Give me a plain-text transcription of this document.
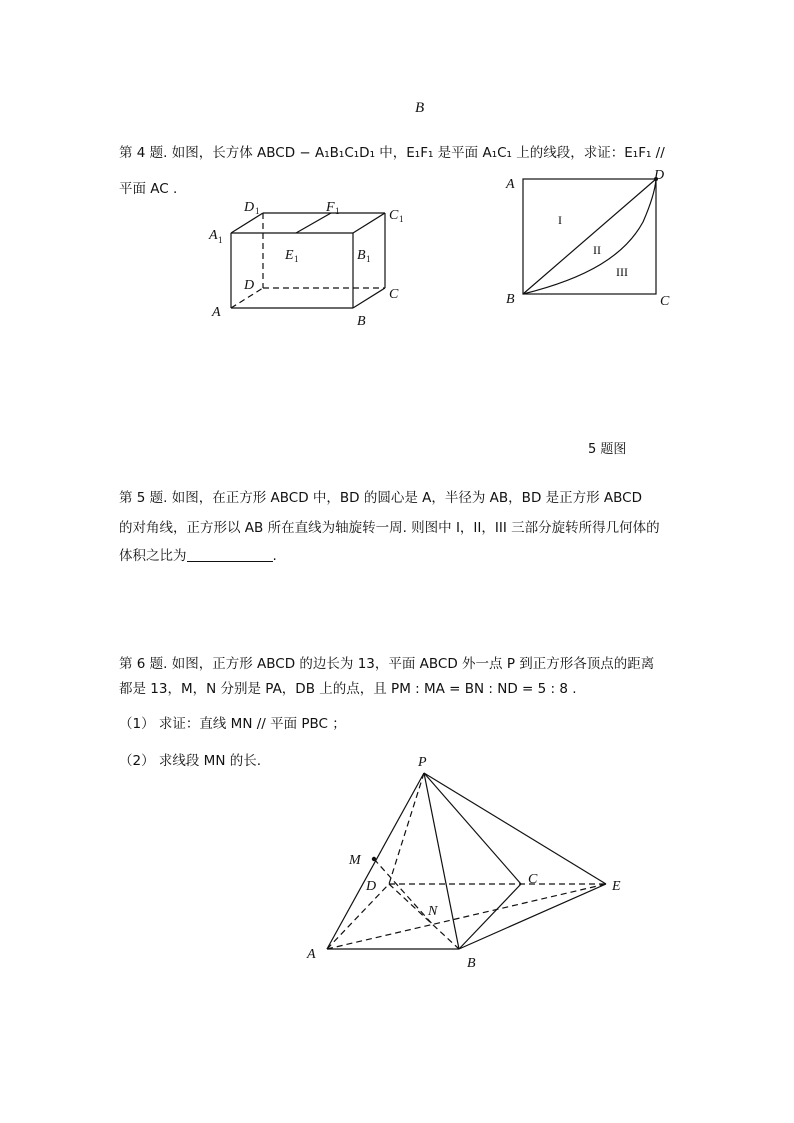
B
第 4 题. 如图，长方体 ABCD − A₁B₁C₁D₁ 中，E₁F₁ 是平面 A₁C₁ 上的线段，求证：E₁F₁ //
平面 AC .
D 1	F 1	C 1
A 1
E 1	B 1
D
C
A
B
A
D
B	C
I
II
III
5 题图
第 5 题. 如图，在正方形 ABCD 中，BD 的圆心是 A，半径为 AB，BD 是正方形 ABCD
的对角线，正方形以 AB 所在直线为轴旋转一周. 则图中 I，II，III 三部分旋转所得几何体的
体积之比为	.
第 6 题. 如图，正方形 ABCD 的边长为 13，平面 ABCD 外一点 P 到正方形各顶点的距离
都是 13，M，N 分别是 PA，DB 上的点，且 PM : MA = BN : ND = 5 : 8 .
（1） 求证：直线 MN // 平面 PBC ；
（2） 求线段 MN 的长.	P
M
D	C	E
N
A
B
